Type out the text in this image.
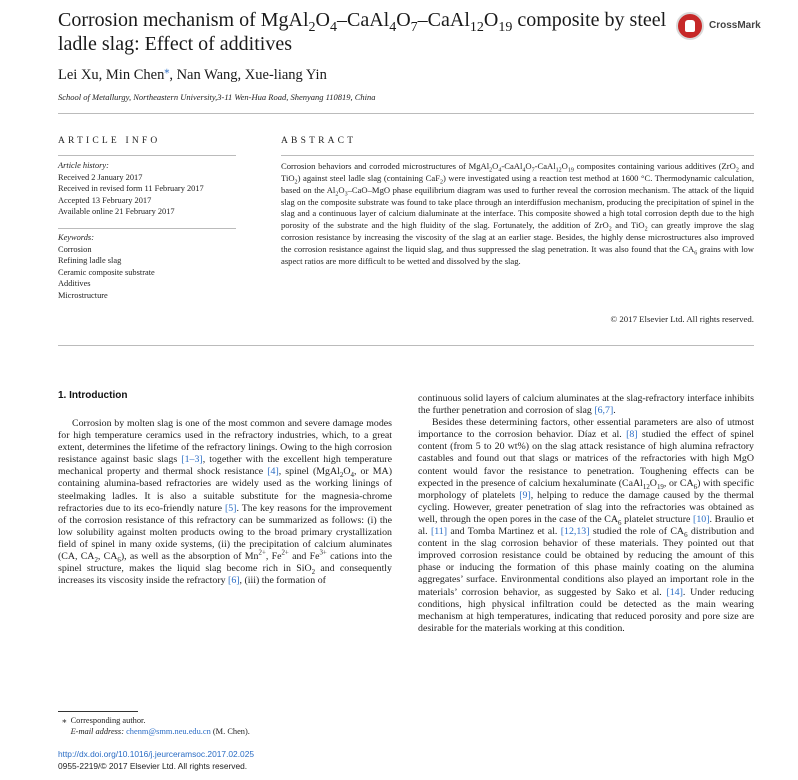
Corrosion mechanism of $MgAl_2O_4-CaAl_4O_7-CaAl_{12}O_{19}$ composite by steel ladle slag: Effect of additives
CrossMark
Lei Xu, Min Chen⁎, Nan Wang, Xue-liang Yin
School of Metallurgy, Northeastern University,3-11 Wen-Hua Road, Shenyang 110819, China
ARTICLE INFO	ABSTRACT
Article history:
Received 2 January 2017
Received in revised form 11 February 2017
Accepted 13 February 2017
Available online 21 February 2017
Keywords:
Corrosion
Refining ladle slag
Ceramic composite substrate
Additives
Microstructure
Corrosion behaviors and corroded microstructures of $MgAl_2O_4-CaAl_4O_7-CaAl_{12}O_{19}$ composites containing various additives (ZrO$_2$ and TiO$_2$) against steel ladle slag (containing CaF$_2$) were investigated using a reaction test method at 1600 °C. Thermodynamic calculation, based on the $Al_2O_3-CaO$–MgO phase equilibrium diagram was used to further reveal the corrosion mechanism. The attack of the liquid slag on the composite substrate was found to take place through an interdiffusion mechanism, producing the precipitation of spinel in the slag and a continuous layer of calcium dialuminate at the interface. This composite showed a high total corrosion depth due to the high porosity of the substrate and the high fluidity of the slag. Fortunately, the addition of ZrO$_2$ and TiO$_2$ can greatly improve the slag corrosion resistance by increasing the viscosity of the slag at an earlier stage. Besides, the highly dense microstructures also improved the corrosion resistance against the liquid slag, and thus suppressed the slag penetration. It was also found that the $CA_6$ grains with low aspect ratios are more difficult to be wetted and dissolved by the slag.
© 2017 Elsevier Ltd. All rights reserved.
1. Introduction
Corrosion by molten slag is one of the most common and severe damage modes for high temperature ceramics used in the refractory industries, which, to a great extent, determines the lifetime of the refractory linings. Owing to the high corrosion resistance against basic slags [1–3], together with the excellent high temperature mechanical property and thermal shock resistance [4], spinel ($MgAl_2O_4$, or MA) containing alumina-based refractories are widely used as the working linings of steelmaking ladles. It is also a suitable substitute for the magnesia-chrome refractories due to its eco-friendly nature [5]. The key reasons for the improvement of the corrosion resistance of this refractory can be summarized as follows: (i) the low solubility against molten products owing to the broad primary crystallization field of spinel in many oxide systems, (ii) the precipitation of calcium aluminates (CA, $CA_2$, $CA_6$), as well as the absorption of $Mn^{2+}$, $Fe^{2+}$ and $Fe^{3+}$ cations into the spinel structure, makes the liquid slag become rich in SiO$_2$ and consequently increases its viscosity inside the refractory [6], (iii) the formation of

continuous solid layers of calcium aluminates at the slag-refractory interface inhibits the further penetration and corrosion of slag [6,7].

Besides these determining factors, other essential parameters are also of utmost importance to the corrosion behavior. Díaz et al. [8] studied the effect of spinel content (from 5 to 20 wt%) on the slag attack resistance of high alumina refractory castables and found out that slags or matrices of the refractories with high MgO content would favor the resistance to penetration. Toughening effects can be expected in the presence of calcium hexaluminate ($CaAl_{12}O_{19}$, or $CA_6$) with specific morphology of platelets [9], helping to reduce the damage caused by the thermal cycling. However, greater penetration of slag into the refractories was obtained as well, through the open pores in the case of the $CA_6$ platelet structure [10]. Braulio et al. [11] and Tomba Martinez et al. [12,13] studied the role of $CA_6$ distribution and content in the slag corrosion behavior of these materials. They pointed out that improved corrosion resistance could be obtained by reducing the amount of this phase or inducing the formation of this phase mainly coating on the alumina aggregates’ surface. Environmental conditions also played an important role in the materials’ corrosion behavior, as suggested by Sako et al. [14]. Under reducing conditions, high physical infiltration could be detected as the main wearing mechanism at high temperatures, indicating that reduced porosity and pore size are desirable for the materials working at this condition.

⁎  Corresponding author.
E-mail address: chenm@smm.neu.edu.cn (M. Chen).
http://dx.doi.org/10.1016/j.jeurceramsoc.2017.02.025
0955-2219/© 2017 Elsevier Ltd. All rights reserved.
